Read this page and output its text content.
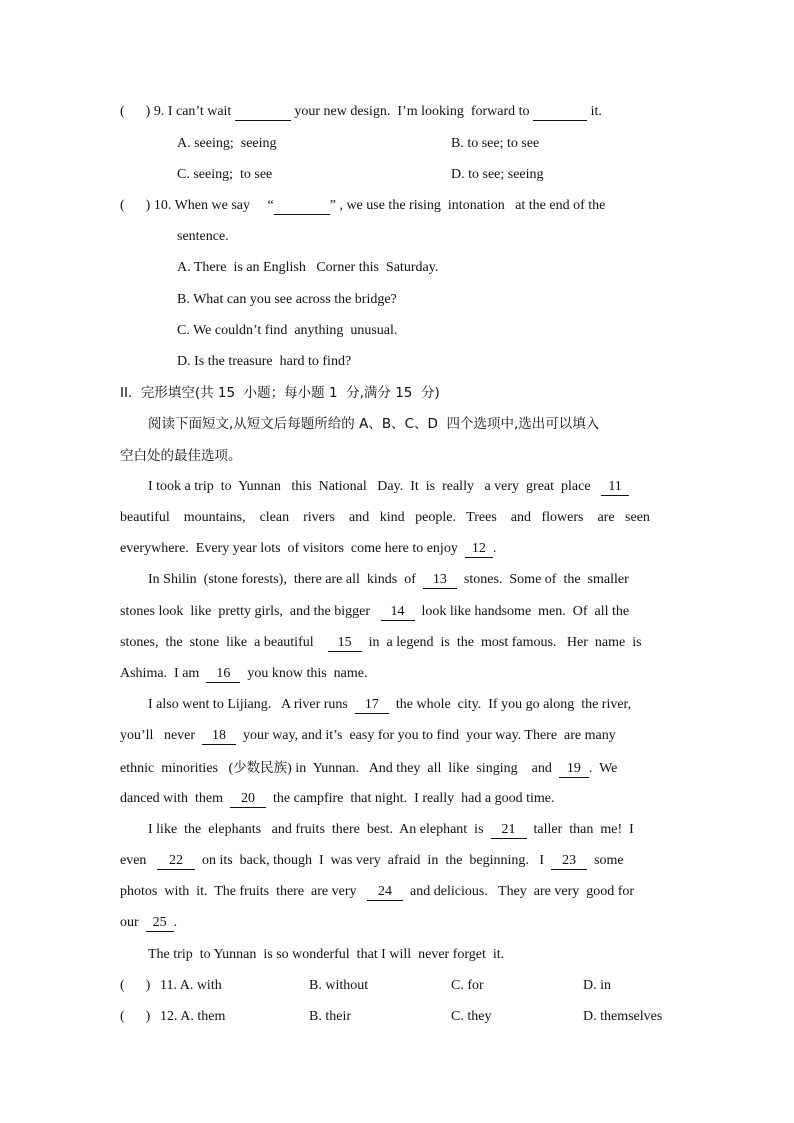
(      ) 9. I can’t wait	your new design.  I’m looking  forward to	it.
A. seeing;  seeing	B. to see; to see
C. seeing;  to see	D. to see; seeing
(      ) 10. When we say “	” , we use the rising  intonation   at the end of the
sentence.
A. There  is an English   Corner this  Saturday.
B. What can you see across the bridge?
C. We couldn’t find  anything  unusual.
D. Is the treasure  hard to find?
II.  完形填空(共 15  小题；每小题 1  分,满分 15  分)
阅读下面短文,从短文后每题所给的 A、B、C、D  四个选项中,选出可以填入
空白处的最佳选项。
I took a trip  to  Yunnan   this  National   Day.  It  is  really   a very  great  place 11
beautiful    mountains,    clean    rivers    and   kind   people.   Trees    and   flowers    are   seen
everywhere.  Every year lots  of visitors  come here to enjoy 12 .
In Shilin  (stone forests),  there are all  kinds  of 13 stones.  Some of  the  smaller
stones look  like  pretty girls,  and the bigger 14 look like handsome  men.  Of  all the
stones,  the  stone  like  a beautiful 15 in  a legend  is  the  most famous.   Her  name  is
Ashima.  I am 16 you know this  name.
I also went to Lijiang.   A river runs 17 the whole  city.  If you go along  the river,
you’ll   never 18 your way, and it’s  easy for you to find  your way. There  are many
ethnic  minorities   (少数民族) in  Yunnan.   And they  all  like  singing    and 19 .  We
danced with  them 20 the campfire  that night.  I really  had a good time.
I like  the  elephants   and fruits  there  best.  An elephant  is 21 taller  than  me!  I
even 22 on its  back, though  I  was very  afraid  in  the  beginning.   I 23 some
photos  with  it.  The fruits  there  are very 24 and delicious.   They  are very  good for
our 25 .
The trip  to Yunnan  is so wonderful  that I will  never forget  it.
(      ) 11. A. with	B. without	C. for	D. in
(      ) 12. A. them	B. their	C. they	D. themselves
